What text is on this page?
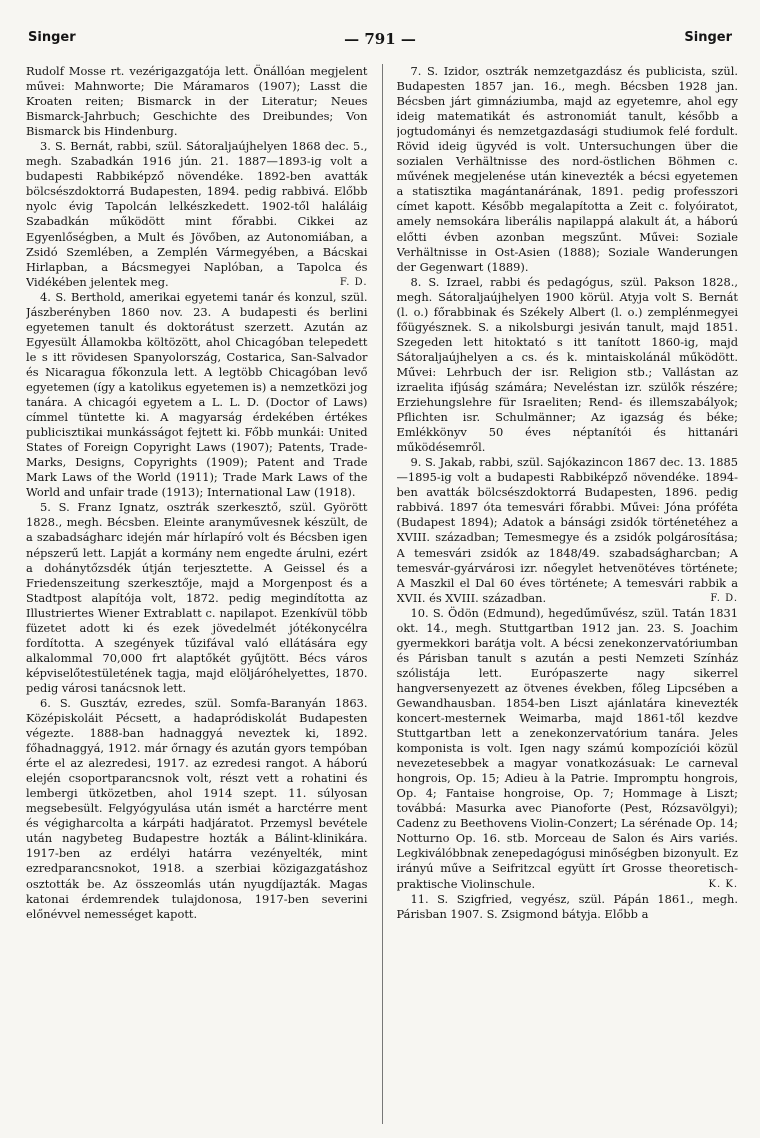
Singer	— 791 —	Singer

Rudolf Mosse rt. vezérigazgatója lett. Önállóan megjelent művei: Mahnworte; Die Máramaros (1907); Lasst die Kroaten reiten; Bismarck in der Literatur; Neues Bismarck-Jahrbuch; Geschichte des Dreibundes; Von Bismarck bis Hindenburg.

3. S. Bernát, rabbi, szül. Sátoraljaújhelyen 1868 dec. 5., megh. Szabadkán 1916 jún. 21. 1887—1893-ig volt a budapesti Rabbiképző növendéke. 1892-ben avatták bölcsészdoktorrá Budapesten, 1894. pedig rabbivá. Előbb nyolc évig Tapolcán lelkészkedett. 1902-től haláláig Szabadkán működött mint főrabbi. Cikkei az Egyenlőségben, a Mult és Jövőben, az Autonomiában, a Zsidó Szemlében, a Zemplén Vármegyében, a Bácskai Hirlapban, a Bácsmegyei Naplóban, a Tapolca és Vidékében jelentek meg.	F. D.

4. S. Berthold, amerikai egyetemi tanár és konzul, szül. Jászberényben 1860 nov. 23. A budapesti és berlini egyetemen tanult és doktorátust szerzett. Azután az Egyesült Államokba költözött, ahol Chicagóban telepedett le s itt rövidesen Spanyolország, Costarica, San-Salvador és Nicaragua főkonzula lett. A legtöbb Chicagóban levő egyetemen (így a katolikus egyetemen is) a nemzetközi jog tanára. A chicagói egyetem a L. L. D. (Doctor of Laws) címmel tüntette ki. A magyarság érdekében értékes publicisztikai munkásságot fejtett ki. Főbb munkái: United States of Foreign Copyright Laws (1907); Patents, Trade-Marks, Designs, Copyrights (1909); Patent and Trade Mark Laws of the World (1911); Trade Mark Laws of the World and unfair trade (1913); International Law (1918).

5. S. Franz Ignatz, osztrák szerkesztő, szül. Györött 1828., megh. Bécsben. Eleinte aranyművesnek készült, de a szabadságharc idején már hírlapíró volt és Bécsben igen népszerű lett. Lapját a kormány nem engedte árulni, ezért a dohánytőzsdék útján terjesztette. A Geissel és a Friedenszeitung szerkesztője, majd a Morgenpost és a Stadtpost alapítója volt, 1872. pedig megindította az Illustriertes Wiener Extrablatt c. napilapot. Ezenkívül több füzetet adott ki és ezek jövedelmét jótékonycélra fordította. A szegények tűzifával való ellátására egy alkalommal 70,000 frt alaptőkét gyűjtött. Bécs város képviselőtestületének tagja, majd elöljáróhelyettes, 1870. pedig városi tanácsnok lett.

6. S. Gusztáv, ezredes, szül. Somfa-Baranyán 1863. Középiskoláit Pécsett, a hadapródiskolát Budapesten végezte. 1888-ban hadnaggyá neveztek ki, 1892. főhadnaggyá, 1912. már őrnagy és azután gyors tempóban érte el az alezredesi, 1917. az ezredesi rangot. A háború elején csoportparancsnok volt, részt vett a rohatini és lembergi ütközetben, ahol 1914 szept. 11. súlyosan megsebesült. Felgyógyulása után ismét a harctérre ment és végigharcolta a kárpáti hadjáratot. Przemysl bevétele után nagybeteg Budapestre hozták a Bálint-klinikára. 1917-ben az erdélyi határra vezényelték, mint ezredparancsnokot, 1918. a szerbiai közigazgatáshoz osztották be. Az összeomlás után nyugdíjazták. Magas katonai érdemrendek tulajdonosa, 1917-ben severini előnévvel nemességet kapott.

7. S. Izidor, osztrák nemzetgazdász és publicista, szül. Budapesten 1857 jan. 16., megh. Bécsben 1928 jan. Bécsben járt gimnáziumba, majd az egyetemre, ahol egy ideig matematikát és astronomiát tanult, később a jogtudományi és nemzetgazdasági studiumok felé fordult. Rövid ideig ügyvéd is volt. Untersuchungen über die sozialen Verhältnisse des nord-östlichen Böhmen c. művének megjelenése után kinevezték a bécsi egyetemen a statisztika magántanárának, 1891. pedig professzori címet kapott. Később megalapította a Zeit c. folyóiratot, amely nemsokára liberális napilappá alakult át, a háború előtti évben azonban megszűnt. Művei: Soziale Verhältnisse in Ost-Asien (1888); Soziale Wanderungen der Gegenwart (1889).

8. S. Izrael, rabbi és pedagógus, szül. Pakson 1828., megh. Sátoraljaújhelyen 1900 körül. Atyja volt S. Bernát (l. o.) főrabbinak és Székely Albert (l. o.) zemplénmegyei főügyésznek. S. a nikolsburgi jesiván tanult, majd 1851. Szegeden lett hitoktató s itt tanított 1860-ig, majd Sátoraljaújhelyen a cs. és k. mintaiskolánál működött. Művei: Lehrbuch der isr. Religion stb.; Vallástan az izraelita ifjúság számára; Neveléstan izr. szülők részére; Erziehungslehre für Israeliten; Rend- és illemszabályok; Pflichten isr. Schulmänner; Az igazság és béke; Emlékkönyv 50 éves néptanítói és hittanári működésemről.

9. S. Jakab, rabbi, szül. Sajókazincon 1867 dec. 13. 1885—1895-ig volt a budapesti Rabbiképző növendéke. 1894-ben avatták bölcsészdoktorrá Budapesten, 1896. pedig rabbivá. 1897 óta temesvári főrabbi. Művei: Jóna próféta (Budapest 1894); Adatok a bánsági zsidók történetéhez a XVIII. században; Temesmegye és a zsidók polgárosítása; A temesvári zsidók az 1848/49. szabadságharcban; A temesvár-gyárvárosi izr. nőegylet hetvenötéves története; A Maszkil el Dal 60 éves története; A temesvári rabbik a XVII. és XVIII. században.	F. D.

10. S. Ödön (Edmund), hegedűművész, szül. Tatán 1831 okt. 14., megh. Stuttgartban 1912 jan. 23. S. Joachim gyermekkori barátja volt. A bécsi zenekonzervatóriumban és Párisban tanult s azután a pesti Nemzeti Színház szólistája lett. Európaszerte nagy sikerrel hangversenyezett az ötvenes években, főleg Lipcsében a Gewandhausban. 1854-ben Liszt ajánlatára kinevezték koncert-mesternek Weimarba, majd 1861-től kezdve Stuttgartban lett a zenekonzervatórium tanára. Jeles komponista is volt. Igen nagy számú kompozíciói közül nevezetesebbek a magyar vonatkozásuak: Le carneval hongrois, Op. 15; Adieu à la Patrie. Impromptu hongrois, Op. 4; Fantaise hongroise, Op. 7; Hommage à Liszt; továbbá: Masurka avec Pianoforte (Pest, Rózsavölgyi); Cadenz zu Beethovens Violin-Conzert; La sérénade Op. 14; Notturno Op. 16. stb. Morceau de Salon és Airs variés. Legkiválóbbnak zenepedagógusi minőségben bizonyult. Ez irányú műve a Seifritzcal együtt írt Grosse theoretisch-praktische Violinschule.	K. K.

11. S. Szigfried, vegyész, szül. Pápán 1861., megh. Párisban 1907. S. Zsigmond bátyja. Előbb a
